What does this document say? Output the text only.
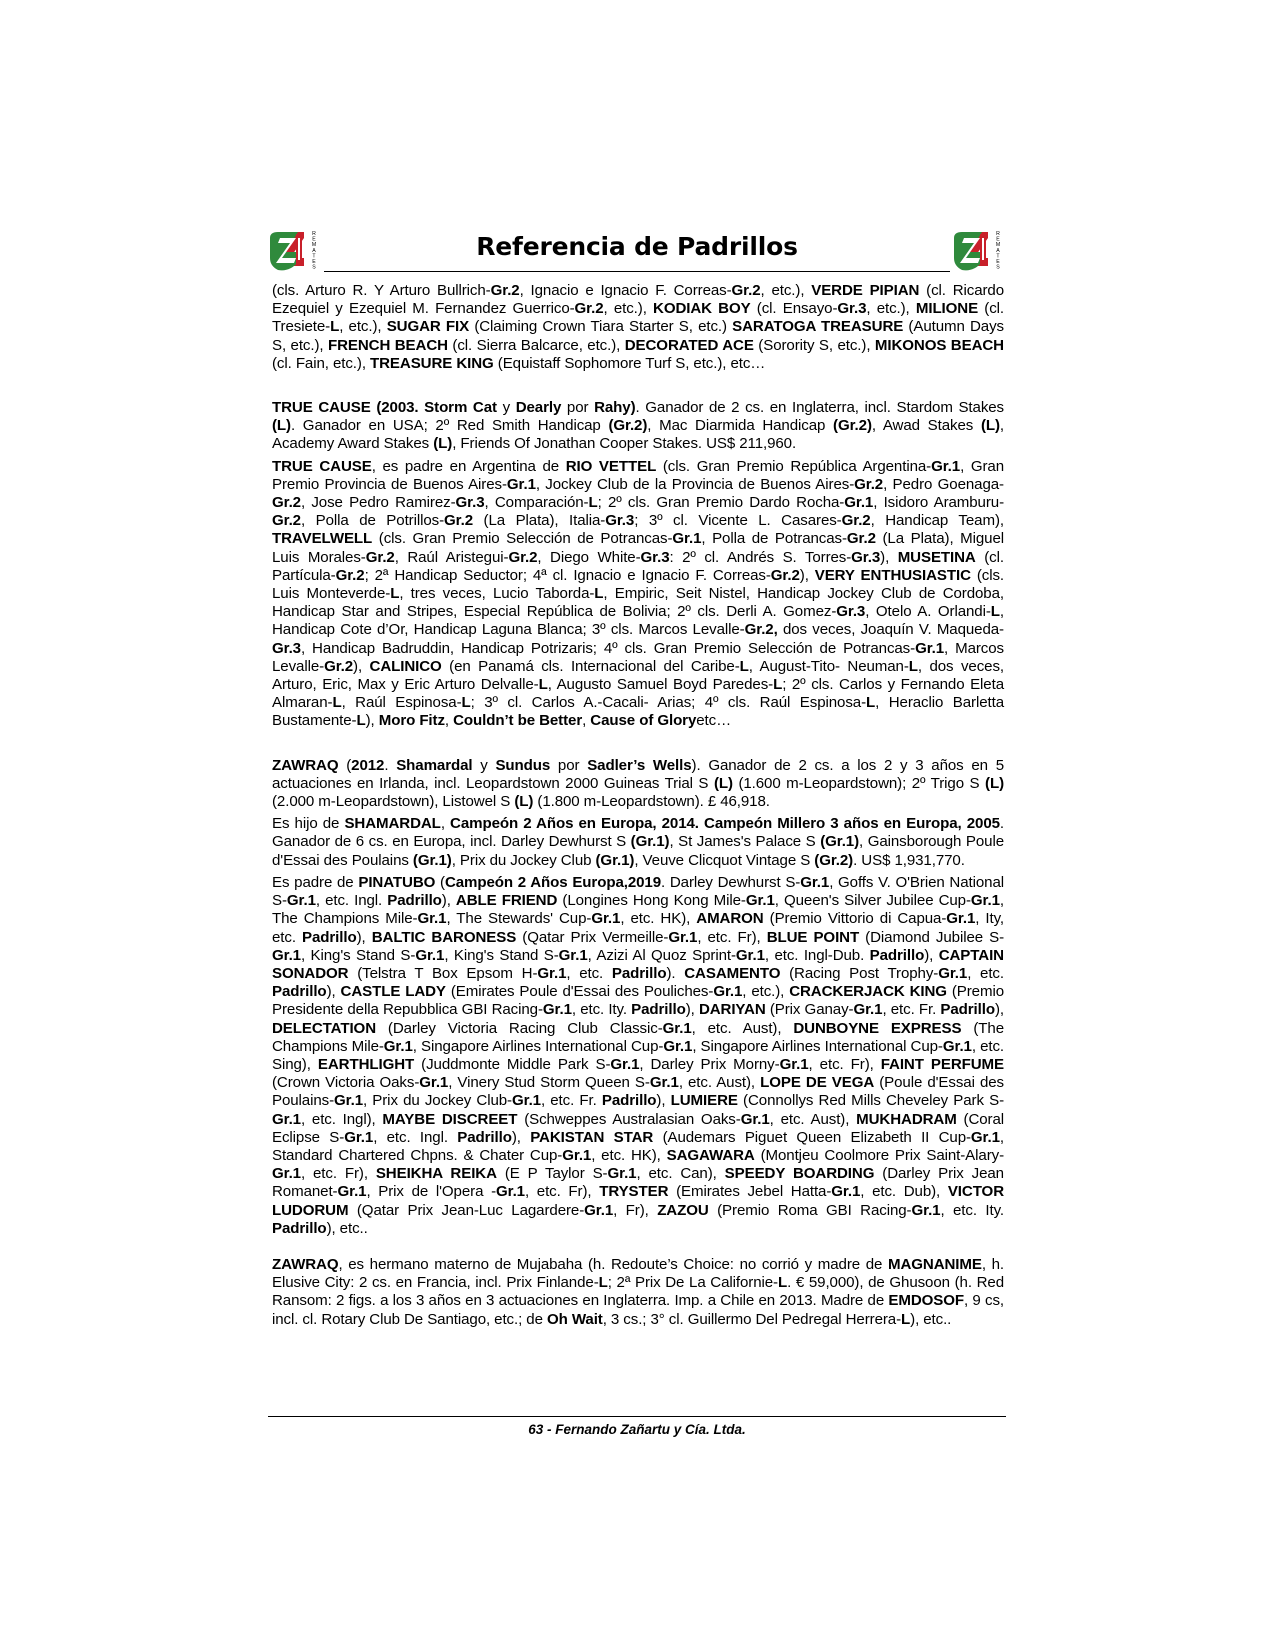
R
E
M
A
T
E
S
Referencia de Padrillos	R
E
M
A
T
E
S

(cls. Arturo R. Y Arturo Bullrich-Gr.2, Ignacio e Ignacio F. Correas-Gr.2, etc.), VERDE PIPIAN (cl. Ricardo Ezequiel y Ezequiel M. Fernandez Guerrico-Gr.2, etc.), KODIAK BOY (cl. Ensayo-Gr.3, etc.), MILIONE (cl. Tresiete-L, etc.), SUGAR FIX (Claiming Crown Tiara Starter S, etc.) SARATOGA TREASURE (Autumn Days S, etc.), FRENCH BEACH (cl. Sierra Balcarce, etc.), DECORATED ACE (Sorority S, etc.), MIKONOS BEACH (cl. Fain, etc.), TREASURE KING (Equistaff Sophomore Turf S, etc.), etc…

TRUE CAUSE (2003. Storm Cat y Dearly por Rahy). Ganador de 2 cs. en Inglaterra, incl. Stardom Stakes (L). Ganador en USA; 2º Red Smith Handicap (Gr.2), Mac Diarmida Handicap (Gr.2), Awad Stakes (L), Academy Award Stakes (L), Friends Of Jonathan Cooper Stakes. US$ 211,960.

TRUE CAUSE, es padre en Argentina de RIO VETTEL (cls. Gran Premio República Argentina-Gr.1, Gran Premio Provincia de Buenos Aires-Gr.1, Jockey Club de la Provincia de Buenos Aires-Gr.2, Pedro Goenaga-Gr.2, Jose Pedro Ramirez-Gr.3, Comparación-L; 2º cls. Gran Premio Dardo Rocha-Gr.1, Isidoro Aramburu-Gr.2, Polla de Potrillos-Gr.2 (La Plata), Italia-Gr.3; 3º cl. Vicente L. Casares-Gr.2, Handicap Team), TRAVELWELL (cls. Gran Premio Selección de Potrancas-Gr.1, Polla de Potrancas-Gr.2 (La Plata), Miguel Luis Morales-Gr.2, Raúl Aristegui-Gr.2, Diego White-Gr.3: 2º cl. Andrés S. Torres-Gr.3), MUSETINA (cl. Partícula-Gr.2; 2ª Handicap Seductor; 4ª cl. Ignacio e Ignacio F. Correas-Gr.2), VERY ENTHUSIASTIC (cls. Luis Monteverde-L, tres veces, Lucio Taborda-L, Empiric, Seit Nistel, Handicap Jockey Club de Cordoba, Handicap Star and Stripes, Especial República de Bolivia; 2º cls. Derli A. Gomez-Gr.3, Otelo A. Orlandi-L, Handicap Cote d’Or, Handicap Laguna Blanca; 3º cls. Marcos Levalle-Gr.2, dos veces, Joaquín V. Maqueda-Gr.3, Handicap Badruddin, Handicap Potrizaris; 4º cls. Gran Premio Selección de Potrancas-Gr.1, Marcos Levalle-Gr.2), CALINICO (en Panamá cls. Internacional del Caribe-L, August-Tito- Neuman-L, dos veces, Arturo, Eric, Max y Eric Arturo Delvalle-L, Augusto Samuel Boyd Paredes-L; 2º cls. Carlos y Fernando Eleta Almaran-L, Raúl Espinosa-L; 3º cl. Carlos A.-Cacali- Arias; 4º cls. Raúl Espinosa-L, Heraclio Barletta Bustamente-L), Moro Fitz, Couldn’t be Better, Cause of Gloryetc…

ZAWRAQ (2012. Shamardal y Sundus por Sadler’s Wells). Ganador de 2 cs. a los 2 y 3 años en 5 actuaciones en Irlanda, incl. Leopardstown 2000 Guineas Trial S (L) (1.600 m-Leopardstown); 2º Trigo S (L) (2.000 m-Leopardstown), Listowel S (L) (1.800 m-Leopardstown). £ 46,918.

Es hijo de SHAMARDAL, Campeón 2 Años en Europa, 2014. Campeón Millero 3 años en Europa, 2005. Ganador de 6 cs. en Europa, incl. Darley Dewhurst S (Gr.1), St James's Palace S (Gr.1), Gainsborough Poule d'Essai des Poulains (Gr.1), Prix du Jockey Club (Gr.1), Veuve Clicquot Vintage S (Gr.2). US$ 1,931,770.

Es padre de PINATUBO (Campeón 2 Años Europa,2019. Darley Dewhurst S-Gr.1, Goffs V. O'Brien National S-Gr.1, etc. Ingl. Padrillo), ABLE FRIEND (Longines Hong Kong Mile-Gr.1, Queen's Silver Jubilee Cup-Gr.1, The Champions Mile-Gr.1, The Stewards' Cup-Gr.1, etc. HK), AMARON (Premio Vittorio di Capua-Gr.1, Ity, etc. Padrillo), BALTIC BARONESS (Qatar Prix Vermeille-Gr.1, etc. Fr), BLUE POINT (Diamond Jubilee S-Gr.1, King's Stand S-Gr.1, King's Stand S-Gr.1, Azizi Al Quoz Sprint-Gr.1, etc. Ingl-Dub. Padrillo), CAPTAIN SONADOR (Telstra T Box Epsom H-Gr.1, etc. Padrillo). CASAMENTO (Racing Post Trophy-Gr.1, etc. Padrillo), CASTLE LADY (Emirates Poule d'Essai des Pouliches-Gr.1, etc.), CRACKERJACK KING (Premio Presidente della Repubblica GBI Racing-Gr.1, etc. Ity. Padrillo), DARIYAN (Prix Ganay-Gr.1, etc. Fr. Padrillo), DELECTATION (Darley Victoria Racing Club Classic-Gr.1, etc. Aust), DUNBOYNE EXPRESS (The Champions Mile-Gr.1, Singapore Airlines International Cup-Gr.1, Singapore Airlines International Cup-Gr.1, etc. Sing), EARTHLIGHT (Juddmonte Middle Park S-Gr.1, Darley Prix Morny-Gr.1, etc. Fr), FAINT PERFUME (Crown Victoria Oaks-Gr.1, Vinery Stud Storm Queen S-Gr.1, etc. Aust), LOPE DE VEGA (Poule d'Essai des Poulains-Gr.1, Prix du Jockey Club-Gr.1, etc. Fr. Padrillo), LUMIERE (Connollys Red Mills Cheveley Park S-Gr.1, etc. Ingl), MAYBE DISCREET (Schweppes Australasian Oaks-Gr.1, etc. Aust), MUKHADRAM (Coral Eclipse S-Gr.1, etc. Ingl. Padrillo), PAKISTAN STAR (Audemars Piguet Queen Elizabeth II Cup-Gr.1, Standard Chartered Chpns. & Chater Cup-Gr.1, etc. HK), SAGAWARA (Montjeu Coolmore Prix Saint-Alary-Gr.1, etc. Fr), SHEIKHA REIKA (E P Taylor S-Gr.1, etc. Can), SPEEDY BOARDING (Darley Prix Jean Romanet-Gr.1, Prix de l'Opera -Gr.1, etc. Fr), TRYSTER (Emirates Jebel Hatta-Gr.1, etc. Dub), VICTOR LUDORUM (Qatar Prix Jean-Luc Lagardere-Gr.1, Fr), ZAZOU (Premio Roma GBI Racing-Gr.1, etc. Ity. Padrillo), etc..

ZAWRAQ, es hermano materno de Mujabaha (h. Redoute’s Choice: no corrió y madre de MAGNANIME, h. Elusive City: 2 cs. en Francia, incl. Prix Finlande-L; 2ª Prix De La Californie-L. € 59,000), de Ghusoon (h. Red Ransom: 2 figs. a los 3 años en 3 actuaciones en Inglaterra. Imp. a Chile en 2013. Madre de EMDOSOF, 9 cs, incl. cl. Rotary Club De Santiago, etc.; de Oh Wait, 3 cs.; 3° cl. Guillermo Del Pedregal Herrera-L), etc..

63 - Fernando Zañartu y Cía. Ltda.
